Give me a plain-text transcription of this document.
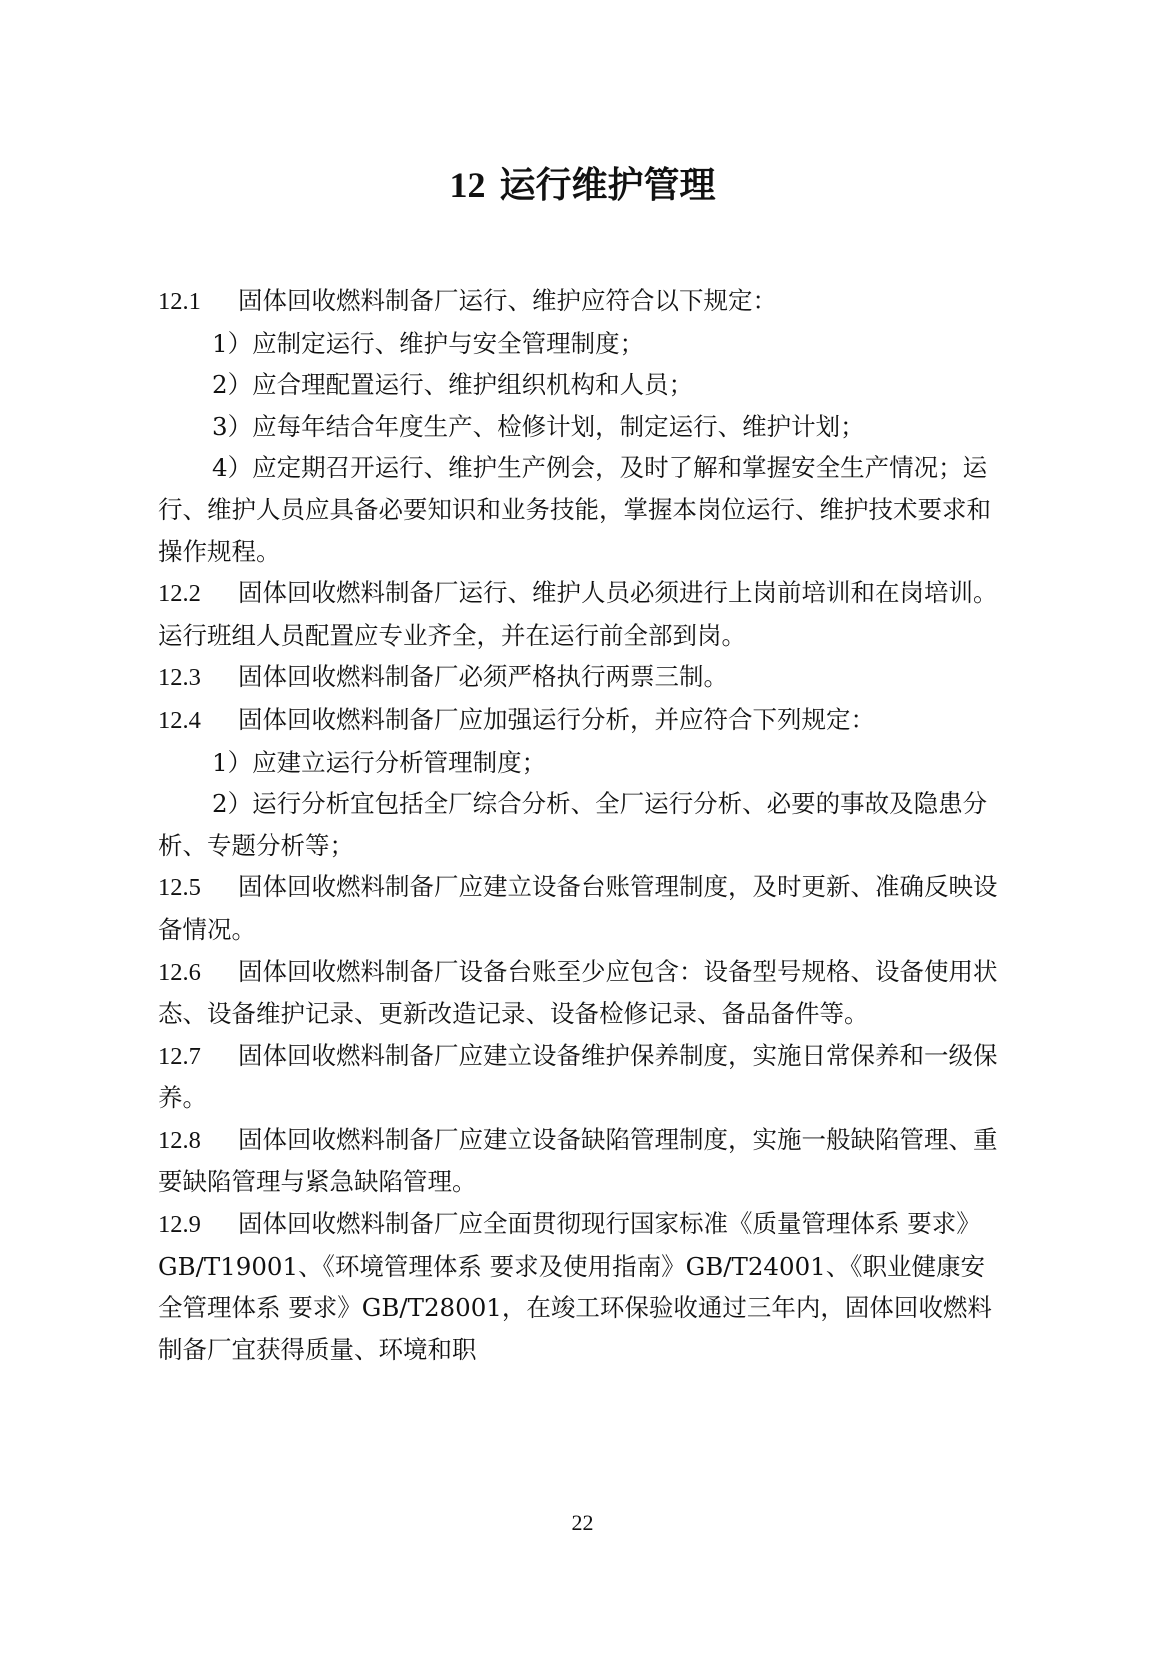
12 运行维护管理

12.1 固体回收燃料制备厂运行、维护应符合以下规定：

1）应制定运行、维护与安全管理制度；

2）应合理配置运行、维护组织机构和人员；

3）应每年结合年度生产、检修计划，制定运行、维护计划；

4）应定期召开运行、维护生产例会，及时了解和掌握安全生产情况；运行、维护人员应具备必要知识和业务技能，掌握本岗位运行、维护技术要求和操作规程。

12.2 固体回收燃料制备厂运行、维护人员必须进行上岗前培训和在岗培训。运行班组人员配置应专业齐全，并在运行前全部到岗。

12.3 固体回收燃料制备厂必须严格执行两票三制。

12.4 固体回收燃料制备厂应加强运行分析，并应符合下列规定：

1）应建立运行分析管理制度；

2）运行分析宜包括全厂综合分析、全厂运行分析、必要的事故及隐患分析、专题分析等；

12.5 固体回收燃料制备厂应建立设备台账管理制度，及时更新、准确反映设备情况。

12.6 固体回收燃料制备厂设备台账至少应包含：设备型号规格、设备使用状态、设备维护记录、更新改造记录、设备检修记录、备品备件等。

12.7 固体回收燃料制备厂应建立设备维护保养制度，实施日常保养和一级保养。

12.8 固体回收燃料制备厂应建立设备缺陷管理制度，实施一般缺陷管理、重要缺陷管理与紧急缺陷管理。

12.9 固体回收燃料制备厂应全面贯彻现行国家标准《质量管理体系 要求》GB/T19001、《环境管理体系 要求及使用指南》GB/T24001、《职业健康安全管理体系 要求》GB/T28001，在竣工环保验收通过三年内，固体回收燃料制备厂宜获得质量、环境和职

22
